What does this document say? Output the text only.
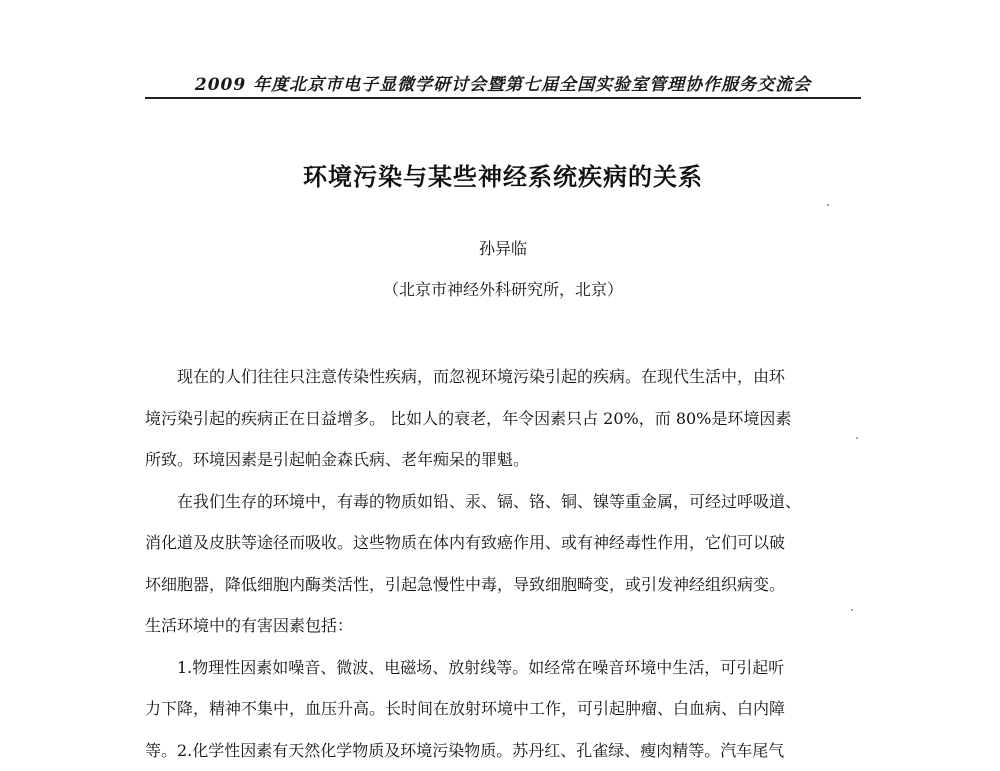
2009 年度北京市电子显微学研讨会暨第七届全国实验室管理协作服务交流会
环境污染与某些神经系统疾病的关系
孙异临
（北京市神经外科研究所，北京）
现在的人们往往只注意传染性疾病，而忽视环境污染引起的疾病。在现代生活中，由环
境污染引起的疾病正在日益增多。 比如人的衰老，年令因素只占 20%，而 80%是环境因素
所致。环境因素是引起帕金森氏病、老年痴呆的罪魁。
在我们生存的环境中，有毒的物质如铅、汞、镉、铬、铜、镍等重金属，可经过呼吸道、
消化道及皮肤等途径而吸收。这些物质在体内有致癌作用、或有神经毒性作用，它们可以破
坏细胞器，降低细胞内酶类活性，引起急慢性中毒，导致细胞畸变，或引发神经组织病变。
生活环境中的有害因素包括：
1.物理性因素如噪音、微波、电磁场、放射线等。如经常在噪音环境中生活，可引起听
力下降，精神不集中，血压升高。长时间在放射环境中工作，可引起肿瘤、白血病、白内障
等。2.化学性因素有天然化学物质及环境污染物质。苏丹红、孔雀绿、瘦肉精等。汽车尾气
